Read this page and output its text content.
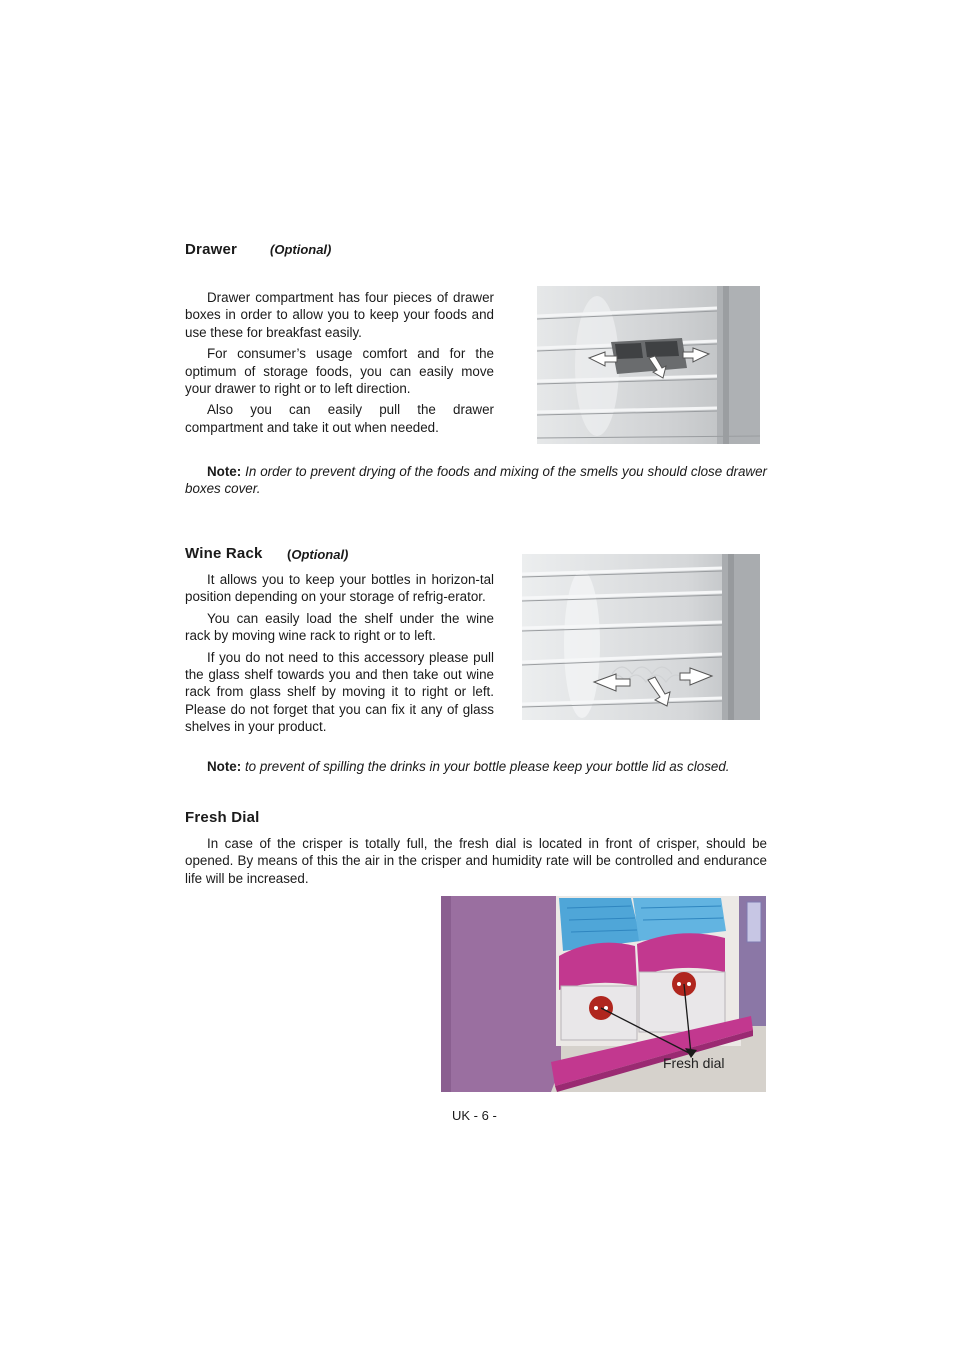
Drawer	(Optional)

Drawer compartment has four pieces of drawer boxes in order to allow you to keep your foods and use these for breakfast easily.

For consumer’s usage comfort and for the optimum of storage foods, you can easily move your drawer to right or to left direction.

Also you can easily pull the drawer compartment and take it out when needed.

Note: In order to prevent drying of the foods and mixing of the smells you should close drawer boxes cover.

Wine Rack (Optional)

It allows you to keep your bottles in horizon-tal position depending on your storage of refrig-erator.

You can easily load the shelf under the wine rack by moving wine rack to right or to left.

If you do not need to this accessory please pull the glass shelf towards you and then take out wine rack from glass shelf by moving it to right or left. Please do not forget that you can fix it any of glass shelves in your product.

Note: to prevent of spilling the drinks in your bottle please keep your bottle lid as closed.

Fresh Dial

In case of the crisper is totally full, the fresh dial is located in front of crisper, should be opened. By means of this the air in the crisper and humidity rate will be controlled and endurance life will be increased.

Fresh dial
UK - 6 -
